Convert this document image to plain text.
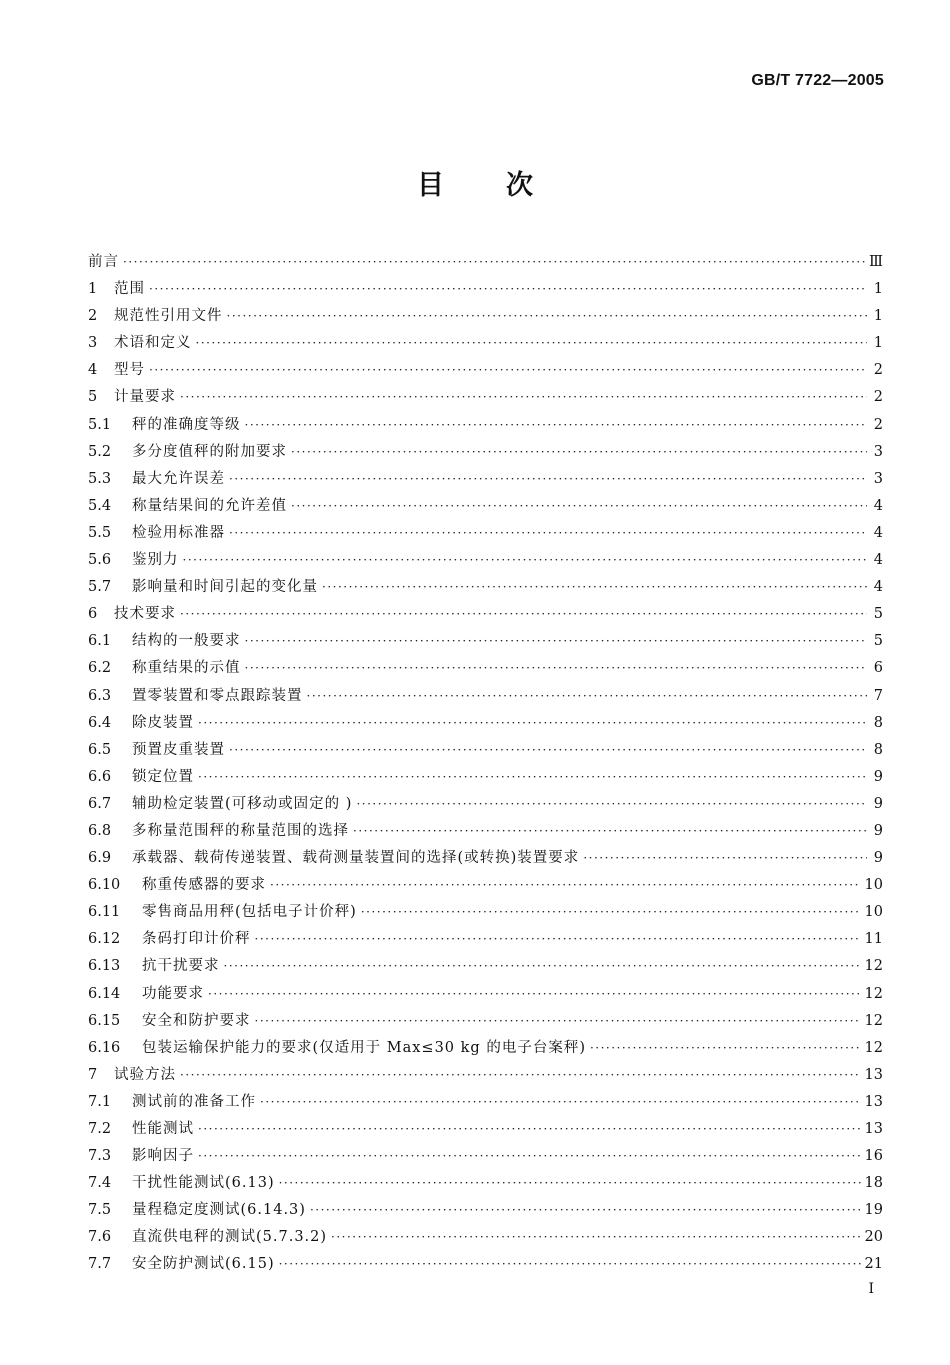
GB/T 7722—2005
目次
前言 ·····	Ⅲ
1	范围 ·····	1
2	规范性引用文件 ·····	1
3	术语和定义 ·····	1
4	型号 ·····	2
5	计量要求 ·····	2
5.1	秤的准确度等级 ·····	2
5.2	多分度值秤的附加要求 ·····	3
5.3	最大允许误差 ·····	3
5.4	称量结果间的允许差值 ·····	4
5.5	检验用标准器 ·····	4
5.6	鉴别力 ·····	4
5.7	影响量和时间引起的变化量 ·····	4
6	技术要求 ·····	5
6.1	结构的一般要求 ·····	5
6.2	称重结果的示值 ·····	6
6.3	置零装置和零点跟踪装置 ·····	7
6.4	除皮装置 ·····	8
6.5	预置皮重装置 ·····	8
6.6	锁定位置 ·····	9
6.7	辅助检定装置(可移动或固定的 ) ·····	9
6.8	多称量范围秤的称量范围的选择 ·····	9
6.9	承载器、载荷传递装置、载荷测量装置间的选择(或转换)装置要求 ·····	9
6.10	称重传感器的要求 ·····	10
6.11	零售商品用秤(包括电子计价秤) ·····	10
6.12	条码打印计价秤 ·····	11
6.13	抗干扰要求 ·····	12
6.14	功能要求 ·····	12
6.15	安全和防护要求 ·····	12
6.16	包装运输保护能力的要求(仅适用于 Max≤30 kg 的电子台案秤) ·····	12
7	试验方法 ·····	13
7.1	测试前的准备工作 ·····	13
7.2	性能测试 ·····	13
7.3	影响因子 ·····	16
7.4	干扰性能测试(6.13) ·····	18
7.5	量程稳定度测试(6.14.3) ·····	19
7.6	直流供电秤的测试(5.7.3.2) ·····	20
7.7	安全防护测试(6.15) ·····	21
I
